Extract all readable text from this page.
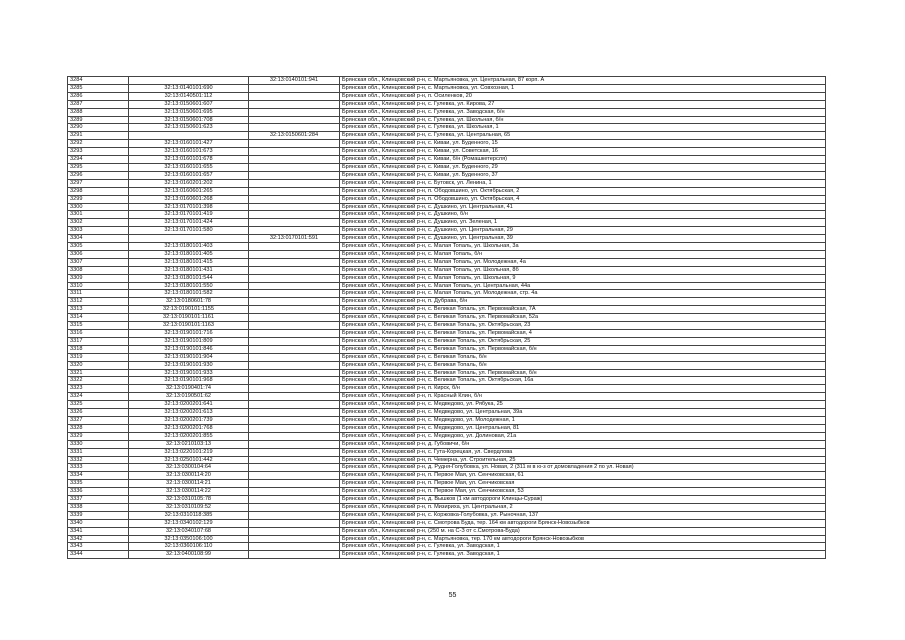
3284		32:13:0140101:941	Брянская обл., Клинцовский р-н, с. Мартьяновка, ул. Центральная, 87 корп. А
3285	32:13:0140101:690		Брянская обл., Клинцовский р-н, с. Мартьяновка, ул. Совхозная, 1
3286	32:13:0140501:112		Брянская обл., Клинцовский р-н, п. Осиленков, 20
3287	32:13:0150601:607		Брянская обл., Клинцовский р-н, с. Гулевка, ул. Кирова, 27
3288	32:13:0150601:695		Брянская обл., Клинцовский р-н, с. Гулевка, ул. Заводская, б/н
3289	32:13:0150601:708		Брянская обл., Клинцовский р-н, с. Гулевка, ул. Школьная, б/н
3290	32:13:0150601:623		Брянская обл., Клинцовский р-н, с. Гулевка, ул. Школьная, 1
3291		32:13:0150601:284	Брянская обл., Клинцовский р-н, с. Гулевка, ул. Центральная, 65
3292	32:13:0160101:427		Брянская обл., Клинцовский р-н, с. Киваи, ул. Буденного, 15
3293	32:13:0160101:673		Брянская обл., Клинцовский р-н, с. Киваи, ул. Советская, 16
3294	32:13:0160101:678		Брянская обл., Клинцовский р-н, с. Киваи, б/н (Ромашкетерсля)
3295	32:13:0160101:655		Брянская обл., Клинцовский р-н, с. Киваи, ул. Буденного, 29
3296	32:13:0160101:657		Брянская обл., Клинцовский р-н, с. Киваи, ул. Буденного, 37
3297	32:13:0160201:202		Брянская обл., Клинцовский р-н, с. Бутовск, ул. Ленина, 1
3298	32:13:0160601:265		Брянская обл., Клинцовский р-н, п. Ободовшино, ул. Октябрьская, 2
3299	32:13:0160601:268		Брянская обл., Клинцовский р-н, п. Ободовшино, ул. Октябрьская, 4
3300	32:13:0170101:398		Брянская обл., Клинцовский р-н, с. Душкино, ул. Центральная, 41
3301	32:13:0170101:419		Брянская обл., Клинцовский р-н, с. Душкино, б/н
3302	32:13:0170101:424		Брянская обл., Клинцовский р-н, с. Душкино, ул. Зеленая, 1
3303	32:13:0170101:580		Брянская обл., Клинцовский р-н, с. Душкино, ул. Центральная, 29
3304		32:13:0170101:591	Брянская обл., Клинцовский р-н, с. Душкино, ул. Центральная, 39
3305	32:13:0180101:403		Брянская обл., Клинцовский р-н, с. Малая Топаль, ул. Школьная, 3а
3306	32:13:0180101:405		Брянская обл., Клинцовский р-н, с. Малая Топаль, б/н
3307	32:13:0180101:415		Брянская обл., Клинцовский р-н, с. Малая Топаль, ул. Молодежная, 4а
3308	32:13:0180101:431		Брянская обл., Клинцовский р-н, с. Малая Топаль, ул. Школьная, 8б
3309	32:13:0180101:544		Брянская обл., Клинцовский р-н, с. Малая Топаль, ул. Школьная, 9
3310	32:13:0180101:550		Брянская обл., Клинцовский р-н, с. Малая Топаль, ул. Центральная, 44а
3311	32:13:0180101:582		Брянская обл., Клинцовский р-н, с. Малая Топаль, ул. Молодежная, стр. 4а
3312	32:13:0180601:78		Брянская обл., Клинцовский р-н, п. Дубрава, б/н
3313	32:13:0190101:1155		Брянская обл., Клинцовский р-н, с. Великая Топаль, ул. Первомайская, 7А
3314	32:13:0190101:1161		Брянская обл., Клинцовский р-н, с. Великая Топаль, ул. Первомайская, 52а
3315	32:13:0190101:1163		Брянская обл., Клинцовский р-н, с. Великая Топаль, ул. Октябрьская, 23
3316	32:13:0190101:716		Брянская обл., Клинцовский р-н, с. Великая Топаль, ул. Первомайская, 4
3317	32:13:0190101:809		Брянская обл., Клинцовский р-н, с. Великая Топаль, ул. Октябрьская, 25
3318	32:13:0190101:846		Брянская обл., Клинцовский р-н, с. Великая Топаль, ул. Первомайская, б/н
3319	32:13:0190101:904		Брянская обл., Клинцовский р-н, с. Великая Топаль, б/н
3320	32:13:0190101:930		Брянская обл., Клинцовский р-н, с. Великая Топаль, б/н
3321	32:13:0190101:933		Брянская обл., Клинцовский р-н, с. Великая Топаль, ул. Первомайская, б/н
3322	32:13:0190101:968		Брянская обл., Клинцовский р-н, с. Великая Топаль, ул. Октябрьская, 16а
3323	32:13:0190401:74		Брянская обл., Клинцовский р-н, п. Кирск, б/н
3324	32:13:0190501:62		Брянская обл., Клинцовский р-н, п. Красный Клин, б/н
3325	32:13:0200201:641		Брянская обл., Клинцовский р-н, с. Медведово, ул. Рябука, 25
3326	32:13:0200201:613		Брянская обл., Клинцовский р-н, с. Медведово, ул. Центральная, 39а
3327	32:13:0200201:739		Брянская обл., Клинцовский р-н, с. Медведово, ул. Молодежная, 1
3328	32:13:0200201:768		Брянская обл., Клинцовский р-н, с. Медведово, ул. Центральная, 81
3329	32:13:0200201:855		Брянская обл., Клинцовский р-н, с. Медведово, ул. Долиновая, 21а
3330	32:13:0210103:13		Брянская обл., Клинцовский р-н, д. Губовичи, б/н
3331	32:13:0220101:219		Брянская обл., Клинцовский р-н, с. Гута-Корецкая, ул. Свердлова
3332	32:13:0250101:442		Брянская обл., Клинцовский р-н, п. Чемерна, ул. Строительная, 25
3333	32:13:0300104:64		Брянская обл., Клинцовский р-н, д. Рудня-Голубовка, ул. Новая, 2 (311 м в ю-з от домовладения 2 по ул. Новая)
3334	32:13:0300114:20		Брянская обл., Клинцовский р-н, п. Первое Мая, ул. Сенчиковская, 61
3335	32:13:0300114:21		Брянская обл., Клинцовский р-н, п. Первое Мая, ул. Сенчиковская
3336	32:13:0300114:22		Брянская обл., Клинцовский р-н, п. Первое Мая, ул. Сенчиковская, 53
3337	32:13:0310105:78		Брянская обл., Клинцовский р-н, д. Вышков (1 км автодороги Клинцы-Сураж)
3338	32:13:0310109:52		Брянская обл., Клинцовский р-н, п. Мизириха, ул. Центральная, 2
3339	32:13:0310118:385		Брянская обл., Клинцовский р-н, с. Коржовка-Голубовка, ул. Рыночная, 137
3340	32:13:0340102:129		Брянская обл., Клинцовский р-н, с. Смотрова Буда, тер. 164 км автодороги Брянск-Новозыбков
3341	32:13:0340107:68		Брянская обл., Клинцовский р-н, (250 м. на С-З от с.Смотрова-Буда)
3342	32:13:0350106:100		Брянская обл., Клинцовский р-н, с. Мартьяновка, тер. 170 км автодороги Брянск-Новозыбков
3343	32:13:0360106:110		Брянская обл., Клинцовский р-н, с. Гулевка, ул. Заводская, 1
3344	32:13:0400108:99		Брянская обл., Клинцовский р-н, с. Гулевка, ул. Заводская, 1
55
